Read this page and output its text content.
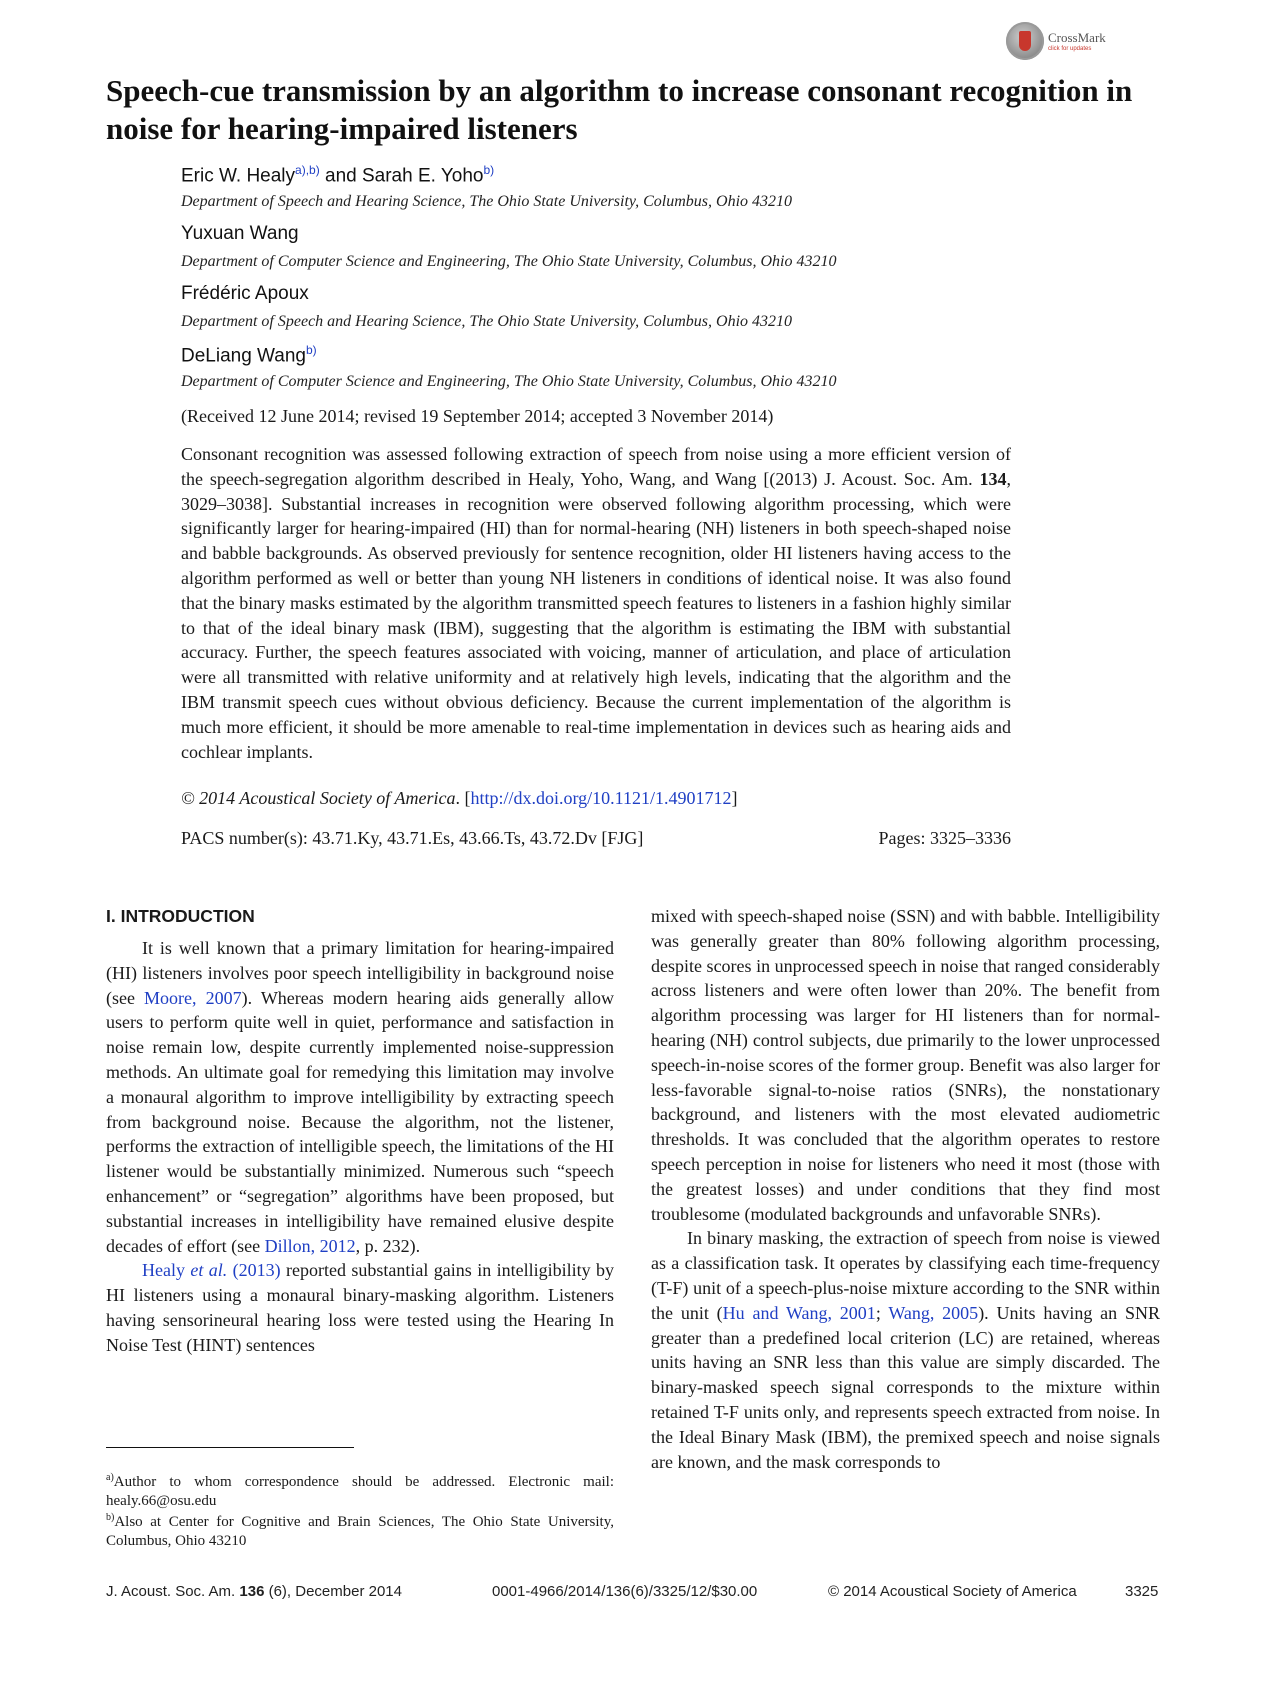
CrossMark
click for updates
Speech-cue transmission by an algorithm to increase consonant recognition in noise for hearing-impaired listeners
Eric W. Healy$^{a),b)}$ and Sarah E. Yoho$^{b)}$
Department of Speech and Hearing Science, The Ohio State University, Columbus, Ohio 43210
Yuxuan Wang
Department of Computer Science and Engineering, The Ohio State University, Columbus, Ohio 43210
Frédéric Apoux
Department of Speech and Hearing Science, The Ohio State University, Columbus, Ohio 43210
DeLiang Wang$^{b)}$
Department of Computer Science and Engineering, The Ohio State University, Columbus, Ohio 43210
(Received 12 June 2014; revised 19 September 2014; accepted 3 November 2014)

Consonant recognition was assessed following extraction of speech from noise using a more efficient version of the speech-segregation algorithm described in Healy, Yoho, Wang, and Wang [(2013) J. Acoust. Soc. Am. 134, 3029–3038]. Substantial increases in recognition were observed following algorithm processing, which were significantly larger for hearing-impaired (HI) than for normal-hearing (NH) listeners in both speech-shaped noise and babble backgrounds. As observed previously for sentence recognition, older HI listeners having access to the algorithm performed as well or better than young NH listeners in conditions of identical noise. It was also found that the binary masks estimated by the algorithm transmitted speech features to listeners in a fashion highly similar to that of the ideal binary mask (IBM), suggesting that the algorithm is estimating the IBM with substantial accuracy. Further, the speech features associated with voicing, manner of articulation, and place of articulation were all transmitted with relative uniformity and at relatively high levels, indicating that the algorithm and the IBM transmit speech cues without obvious deficiency. Because the current implementation of the algorithm is much more efficient, it should be more amenable to real-time implementation in devices such as hearing aids and cochlear implants.

© 2014 Acoustical Society of America. [http://dx.doi.org/10.1121/1.4901712]
PACS number(s): 43.71.Ky, 43.71.Es, 43.66.Ts, 43.72.Dv [FJG]	Pages: 3325–3336
I. INTRODUCTION

It is well known that a primary limitation for hearing-impaired (HI) listeners involves poor speech intelligibility in background noise (see Moore, 2007). Whereas modern hearing aids generally allow users to perform quite well in quiet, performance and satisfaction in noise remain low, despite currently implemented noise-suppression methods. An ultimate goal for remedying this limitation may involve a monaural algorithm to improve intelligibility by extracting speech from background noise. Because the algorithm, not the listener, performs the extraction of intelligible speech, the limitations of the HI listener would be substantially minimized. Numerous such “speech enhancement” or “segregation” algorithms have been proposed, but substantial increases in intelligibility have remained elusive despite decades of effort (see Dillon, 2012, p. 232).

Healy et al. (2013) reported substantial gains in intelligibility by HI listeners using a monaural binary-masking algorithm. Listeners having sensorineural hearing loss were tested using the Hearing In Noise Test (HINT) sentences

mixed with speech-shaped noise (SSN) and with babble. Intelligibility was generally greater than 80% following algorithm processing, despite scores in unprocessed speech in noise that ranged considerably across listeners and were often lower than 20%. The benefit from algorithm processing was larger for HI listeners than for normal-hearing (NH) control subjects, due primarily to the lower unprocessed speech-in-noise scores of the former group. Benefit was also larger for less-favorable signal-to-noise ratios (SNRs), the nonstationary background, and listeners with the most elevated audiometric thresholds. It was concluded that the algorithm operates to restore speech perception in noise for listeners who need it most (those with the greatest losses) and under conditions that they find most troublesome (modulated backgrounds and unfavorable SNRs).

In binary masking, the extraction of speech from noise is viewed as a classification task. It operates by classifying each time-frequency (T-F) unit of a speech-plus-noise mixture according to the SNR within the unit (Hu and Wang, 2001; Wang, 2005). Units having an SNR greater than a predefined local criterion (LC) are retained, whereas units having an SNR less than this value are simply discarded. The binary-masked speech signal corresponds to the mixture within retained T-F units only, and represents speech extracted from noise. In the Ideal Binary Mask (IBM), the premixed speech and noise signals are known, and the mask corresponds to

$^{a)}$Author to whom correspondence should be addressed. Electronic mail: healy.66@osu.edu
$^{b)}$Also at Center for Cognitive and Brain Sciences, The Ohio State University, Columbus, Ohio 43210
J. Acoust. Soc. Am. 136 (6), December 2014	0001-4966/2014/136(6)/3325/12/$30.00	© 2014 Acoustical Society of America	3325
